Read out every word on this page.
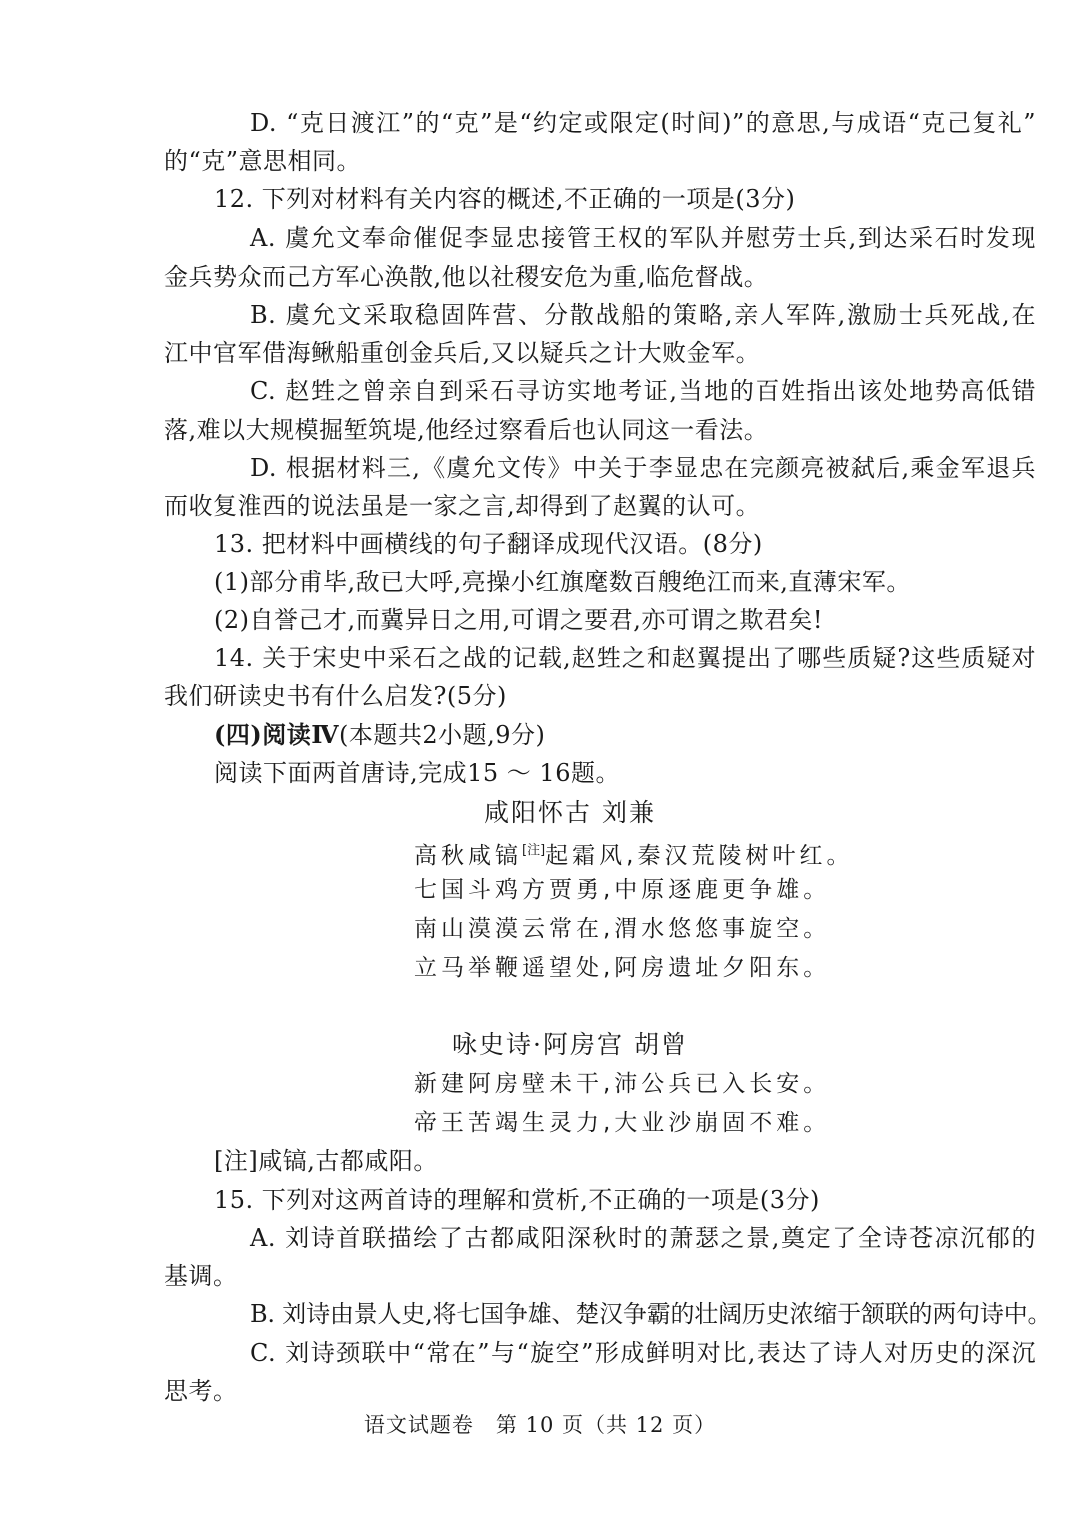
D. “克日渡江”的“克”是“约定或限定(时间)”的意思,与成语“克己复礼”
的“克”意思相同。
12. 下列对材料有关内容的概述,不正确的一项是(3分)
A. 虞允文奉命催促李显忠接管王权的军队并慰劳士兵,到达采石时发现
金兵势众而己方军心涣散,他以社稷安危为重,临危督战。
B. 虞允文采取稳固阵营、分散战船的策略,亲人军阵,激励士兵死战,在
江中官军借海鳅船重创金兵后,又以疑兵之计大败金军。
C. 赵甡之曾亲自到采石寻访实地考证,当地的百姓指出该处地势高低错
落,难以大规模掘堑筑堤,他经过察看后也认同这一看法。
D. 根据材料三,《虞允文传》中关于李显忠在完颜亮被弑后,乘金军退兵
而收复淮西的说法虽是一家之言,却得到了赵翼的认可。
13. 把材料中画横线的句子翻译成现代汉语。(8分)
(1)部分甫毕,敌已大呼,亮操小红旗麾数百艘绝江而来,直薄宋军。
(2)自誉己才,而冀异日之用,可谓之要君,亦可谓之欺君矣!
14. 关于宋史中采石之战的记载,赵甡之和赵翼提出了哪些质疑?这些质疑对
我们研读史书有什么启发?(5分)
(四)阅读Ⅳ(本题共2小题,9分)
阅读下面两首唐诗,完成15 ～ 16题。
咸阳怀古 刘兼
高秋咸镐[注]起霜风,秦汉荒陵树叶红。
七国斗鸡方贾勇,中原逐鹿更争雄。
南山漠漠云常在,渭水悠悠事旋空。
立马举鞭遥望处,阿房遗址夕阳东。
咏史诗·阿房宫 胡曾
新建阿房壁未干,沛公兵已入长安。
帝王苦竭生灵力,大业沙崩固不难。
[注]咸镐,古都咸阳。
15. 下列对这两首诗的理解和赏析,不正确的一项是(3分)
A. 刘诗首联描绘了古都咸阳深秋时的萧瑟之景,奠定了全诗苍凉沉郁的
基调。
B. 刘诗由景人史,将七国争雄、楚汉争霸的壮阔历史浓缩于颔联的两句诗中。
C. 刘诗颈联中“常在”与“旋空”形成鲜明对比,表达了诗人对历史的深沉
思考。
语文试题卷　第 10 页（共 12 页）
